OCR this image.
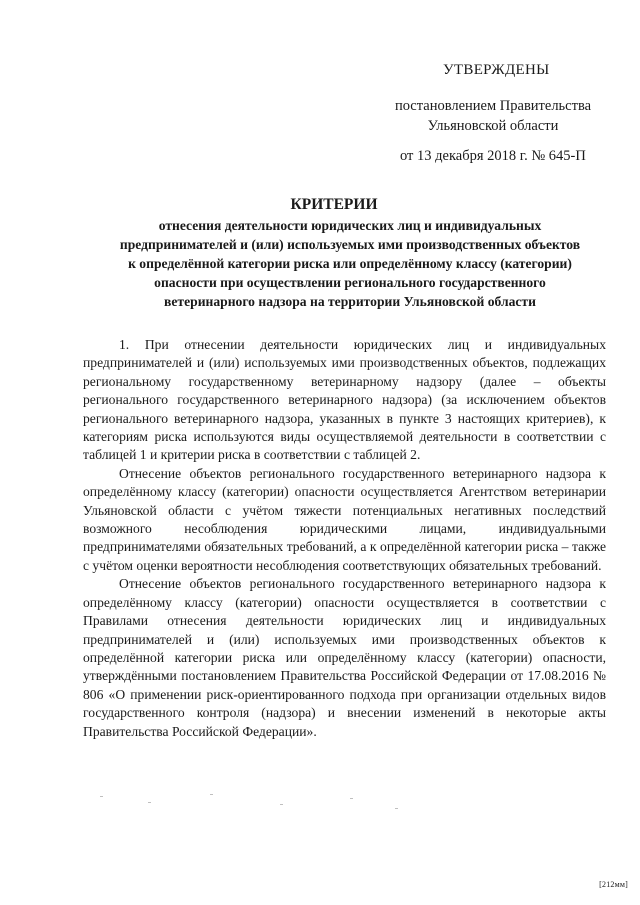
УТВЕРЖДЕНЫ
постановлением Правительства
Ульяновской области
от 13 декабря 2018 г. № 645-П
КРИТЕРИИ
отнесения деятельности юридических лиц и индивидуальных
предпринимателей и (или) используемых ими производственных объектов
к определённой категории риска или определённому классу (категории)
опасности при осуществлении регионального государственного
ветеринарного надзора на территории Ульяновской области

1. При отнесении деятельности юридических лиц и индивидуальных предпринимателей и (или) используемых ими производственных объектов, подлежащих региональному государственному ветеринарному надзору (далее – объекты регионального государственного ветеринарного надзора) (за исключением объектов регионального ветеринарного надзора, указанных в пункте 3 настоящих критериев), к категориям риска используются виды осуществляемой деятельности в соответствии с таблицей 1 и критерии риска в соответствии с таблицей 2.

Отнесение объектов регионального государственного ветеринарного надзора к определённому классу (категории) опасности осуществляется Агентством ветеринарии Ульяновской области с учётом тяжести потенциальных негативных последствий возможного несоблюдения юридическими лицами, индивидуальными предпринимателями обязательных требований, а к определённой категории риска – также с учётом оценки вероятности несоблюдения соответствующих обязательных требований.

Отнесение объектов регионального государственного ветеринарного надзора к определённому классу (категории) опасности осуществляется в соответствии с Правилами отнесения деятельности юридических лиц и индивидуальных предпринимателей и (или) используемых ими производственных объектов к определённой категории риска или определённому классу (категории) опасности, утверждёнными постановлением Правительства Российской Федерации от 17.08.2016 № 806 «О применении риск-ориентированного подхода при организации отдельных видов государственного контроля (надзора) и внесении изменений в некоторые акты Правительства Российской Федерации».

[212мм]
